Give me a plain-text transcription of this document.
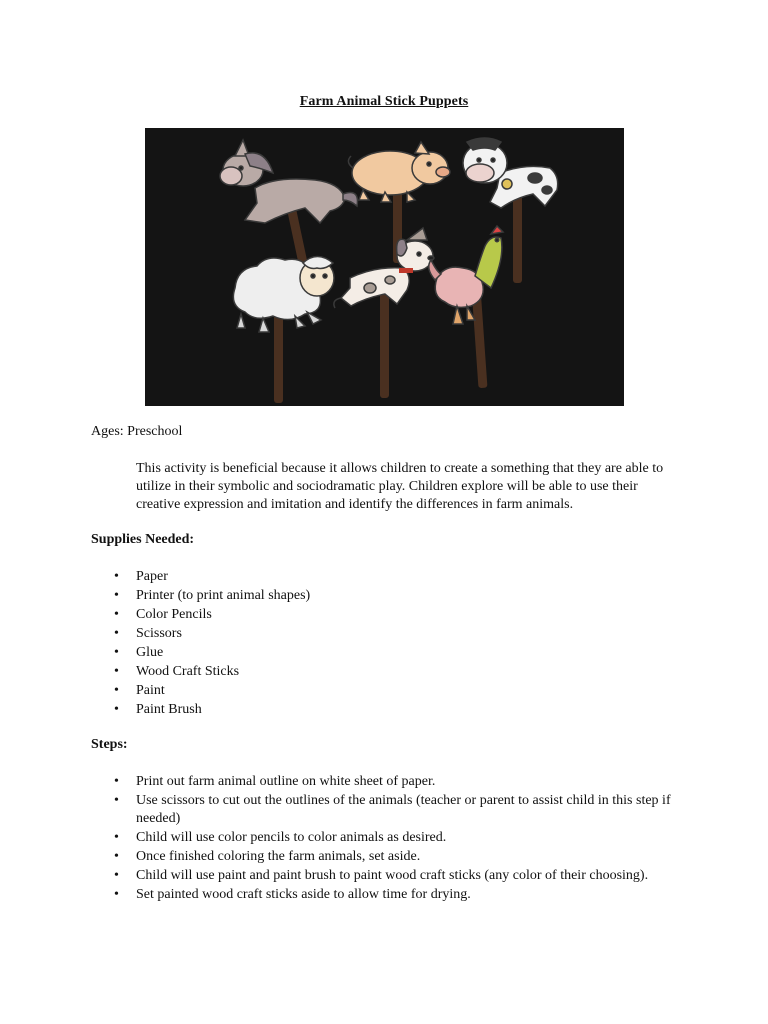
Farm Animal Stick Puppets
Ages: Preschool
This activity is beneficial because it allows children to create a something that they are able to utilize in their symbolic and sociodramatic play. Children explore will be able to use their creative expression and imitation and identify the differences in farm animals.
Supplies Needed:
• Paper
• Printer (to print animal shapes)
• Color Pencils
• Scissors
• Glue
• Wood Craft Sticks
• Paint
• Paint Brush
Steps:
• Print out farm animal outline on white sheet of paper.
• Use scissors to cut out the outlines of the animals (teacher or parent to assist child in this step if needed)
• Child will use color pencils to color animals as desired.
• Once finished coloring the farm animals, set aside.
• Child will use paint and paint brush to paint wood craft sticks (any color of their choosing).
• Set painted wood craft sticks aside to allow time for drying.
